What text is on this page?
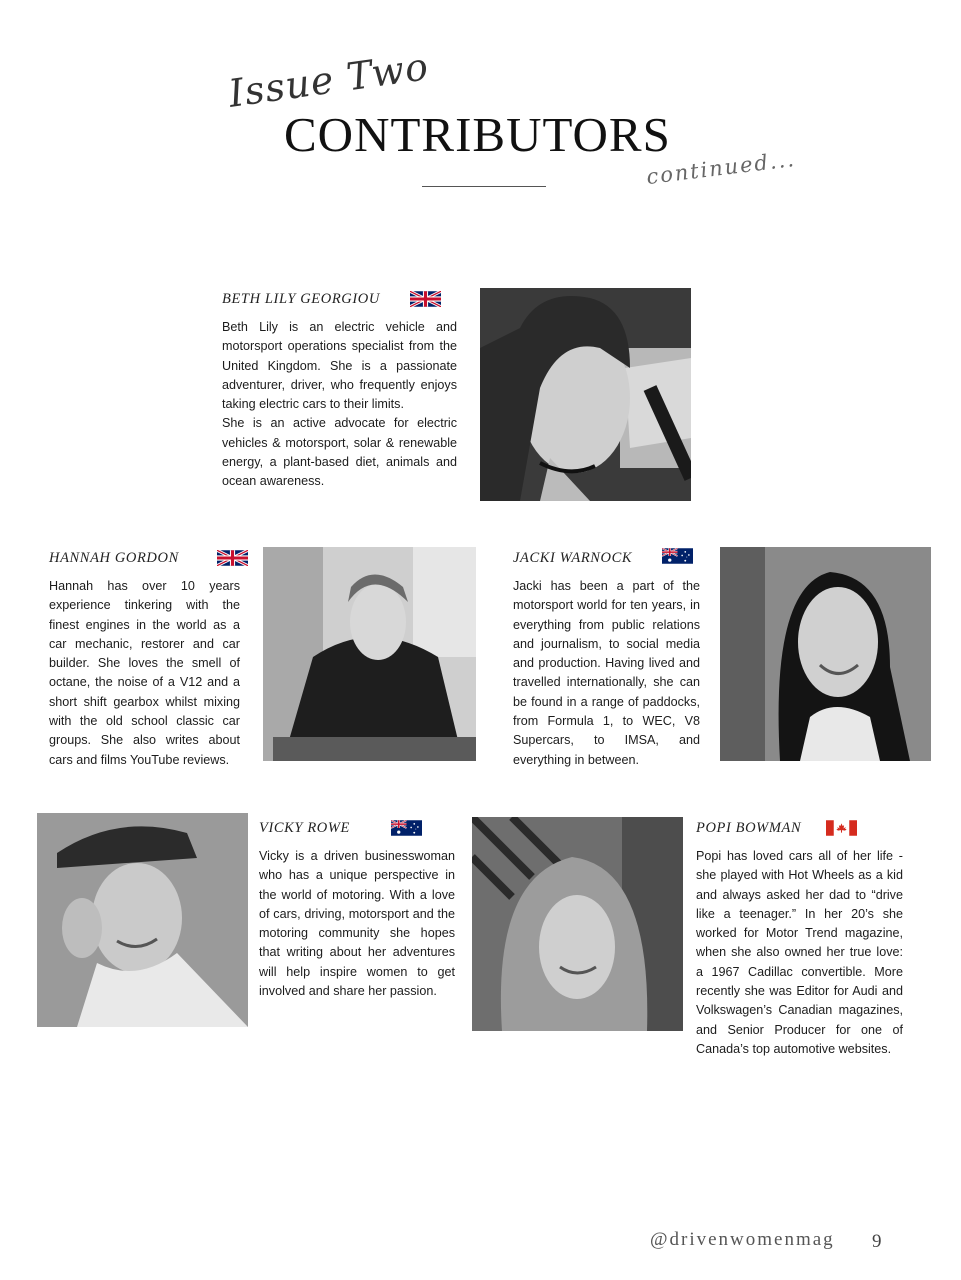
Issue Two
CONTRIBUTORS
continued...
BETH LILY GEORGIOU

Beth Lily is an electric vehicle and motorsport operations specialist from the United Kingdom. She is a passionate adventurer, driver, who frequently enjoys taking electric cars to their limits.

She is an active advocate for electric vehicles & motorsport, solar & renewable energy, a plant-based diet, animals and ocean awareness.

HANNAH GORDON

Hannah has over 10 years experience tinkering with the finest engines in the world as a car mechanic, restorer and car builder. She loves the smell of octane, the noise of a V12 and a short shift gearbox whilst mixing with the old school classic car groups. She also writes about cars and films YouTube reviews.

JACKI WARNOCK

Jacki has been a part of the motorsport world for ten years, in everything from public relations and journalism, to social media and production. Having lived and travelled internationally, she can be found in a range of paddocks, from Formula 1, to WEC, V8 Supercars, to IMSA, and everything in between.

VICKY ROWE

Vicky is a driven businesswoman who has a unique perspective in the world of motoring. With a love of cars, driving, motorsport and the motoring community she hopes that writing about her adventures will help inspire women to get involved and share her passion.

POPI BOWMAN

Popi has loved cars all of her life - she played with Hot Wheels as a kid and always asked her dad to “drive like a teenager.” In her 20’s she worked for Motor Trend magazine, when she also owned her true love: a 1967 Cadillac convertible. More recently she was Editor for Audi and Volkswagen’s Canadian magazines, and Senior Producer for one of Canada’s top automotive websites.

@drivenwomenmag 9
